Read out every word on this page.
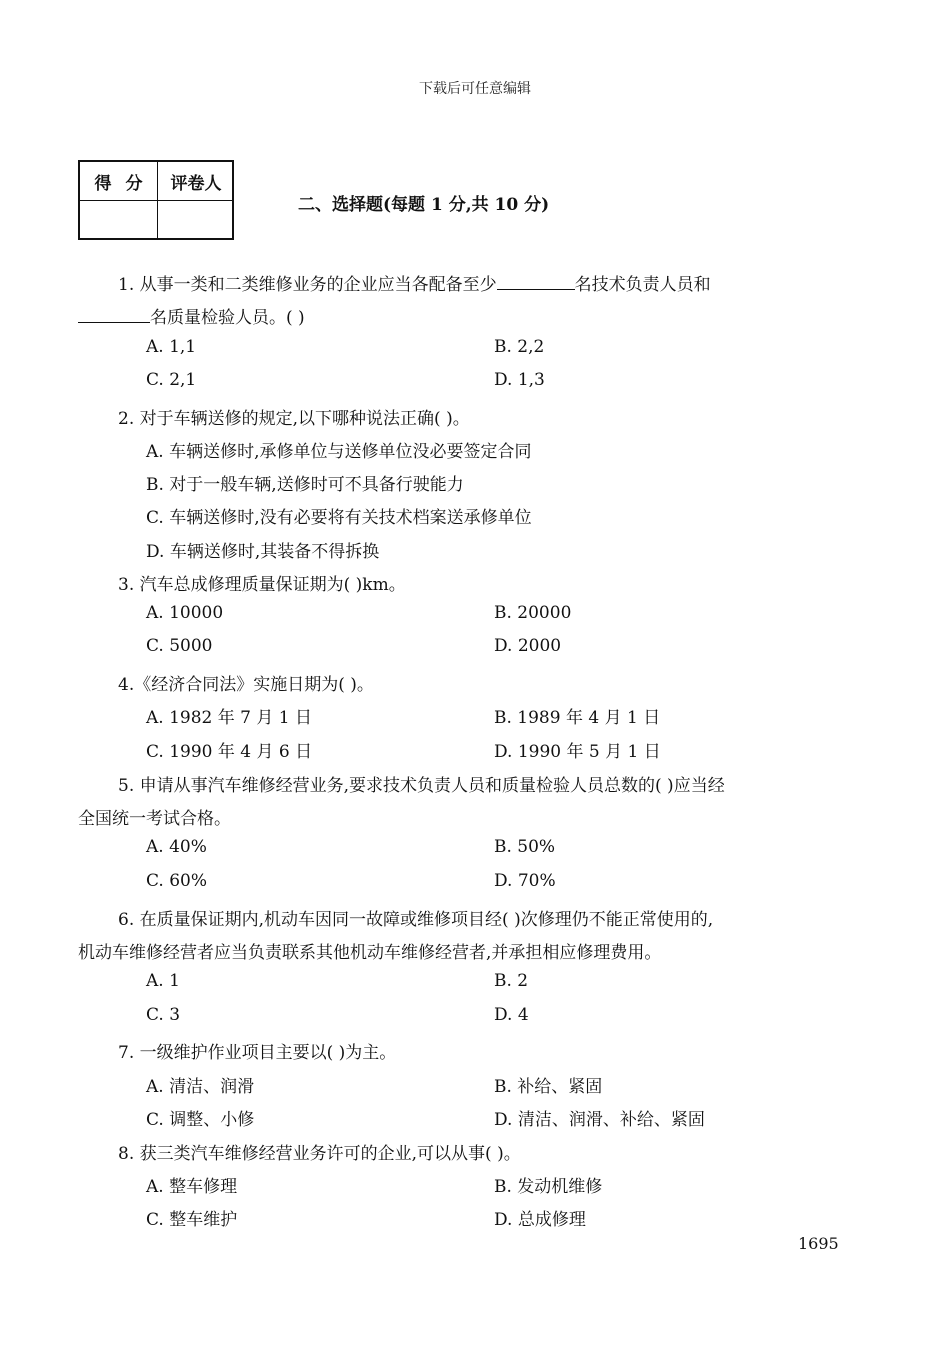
下载后可任意编辑
得分 评卷人
二、选择题(每题 1 分,共 10 分)
1. 从事一类和二类维修业务的企业应当各配备至少	名技术负责人员和
名质量检验人员。( )
A. 1,1	B. 2,2
C. 2,1	D. 1,3
2. 对于车辆送修的规定,以下哪种说法正确( )。
A. 车辆送修时,承修单位与送修单位没必要签定合同
B. 对于一般车辆,送修时可不具备行驶能力
C. 车辆送修时,没有必要将有关技术档案送承修单位
D. 车辆送修时,其装备不得拆换
3. 汽车总成修理质量保证期为( )km。
A. 10000	B. 20000
C. 5000	D. 2000
4.《经济合同法》实施日期为( )。
A. 1982 年 7 月 1 日	B. 1989 年 4 月 1 日
C. 1990 年 4 月 6 日	D. 1990 年 5 月 1 日
5. 申请从事汽车维修经营业务,要求技术负责人员和质量检验人员总数的( )应当经
全国统一考试合格。
A. 40%	B. 50%
C. 60%	D. 70%
6. 在质量保证期内,机动车因同一故障或维修项目经( )次修理仍不能正常使用的,
机动车维修经营者应当负责联系其他机动车维修经营者,并承担相应修理费用。
A. 1	B. 2
C. 3	D. 4
7. 一级维护作业项目主要以( )为主。
A. 清洁、润滑	B. 补给、紧固
C. 调整、小修	D. 清洁、润滑、补给、紧固
8. 获三类汽车维修经营业务许可的企业,可以从事( )。
A. 整车修理	B. 发动机维修
C. 整车维护	D. 总成修理
1695
